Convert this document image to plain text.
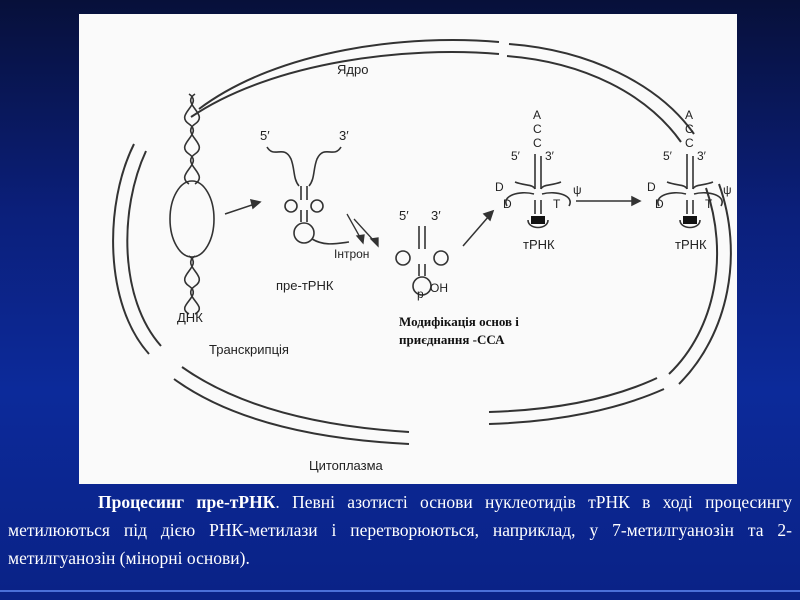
Ядро
Цитоплазма
ДНК
Транскрипція
5′	3′
пре-тРНК
Інтрон
5′ 3′
p OH
Модифікація основ і
приєднання -ССА
A
C
C
5′ 3′
D
D	T
ψ
тРНК
A
C
C
5′ 3′
D
D	T
ψ
тРНК
Процесинг пре-тРНК. Певні азотисті основи нуклеотидів тРНК в ході процесингу метилюються під дією РНК-метилази і перетворюються, наприклад, у 7-метилгуанозін та 2-метилгуанозін (мінорні основи).
